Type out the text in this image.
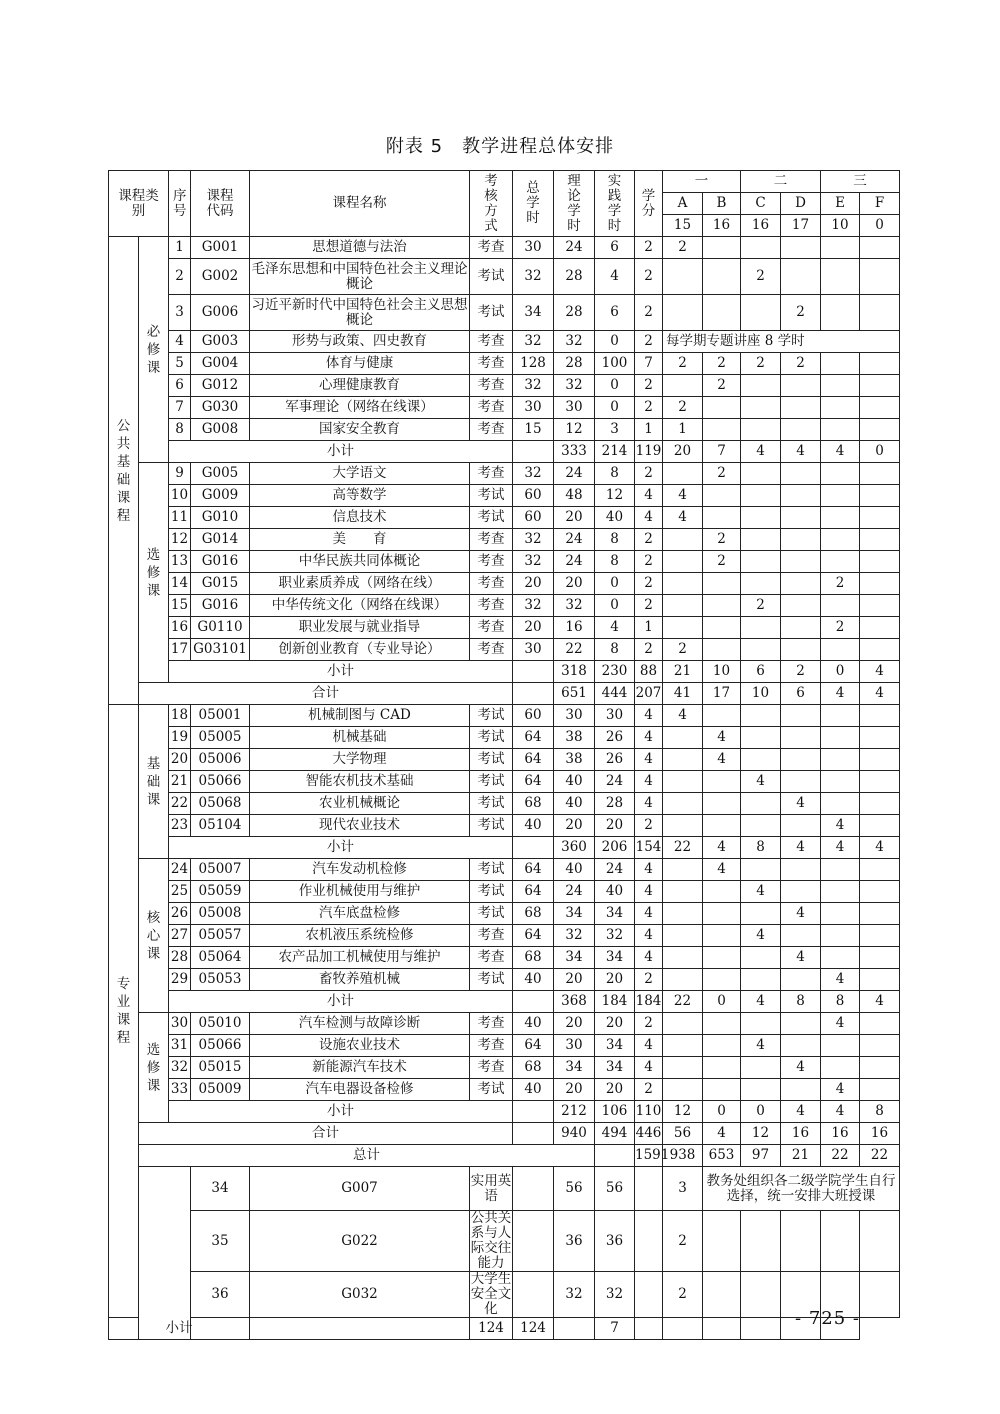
附表 5　教学进程总体安排
课程类别		序号	课程代码	课程名称	考核方式	总学时	理论学时	实践学时	学分	一		二		三		
										A	B	C	D	E	F	
										15	16	16	17	10	0	

公共基础课程	必修课	1	G001	思想道德与法治	考查	30	24	6	2	2						
		2	G002	毛泽东思想和中国特色社会主义理论概论	考试	32	28	4	2			2				
		3	G006	习近平新时代中国特色社会主义思想概论	考试	34	28	6	2				2			
		4	G003	形势与政策、四史教育	考查	32	32	0	2	每学期专题讲座 8 学时						
		5	G004	体育与健康	考查	128	28	100	7	2	2	2	2			
		6	G012	心理健康教育	考查	32	32	0	2		2					
		7	G030	军事理论（网络在线课）	考查	30	30	0	2	2						
		8	G008	国家安全教育	考查	15	12	3	1	1						
		小计					333	214	119	20	7	4	4	4	0	

	选修课	9	G005	大学语文	考查	32	24	8	2		2					
		10	G009	高等数学	考试	60	48	12	4	4						
		11	G010	信息技术	考试	60	20	40	4	4						
		12	G014	美　　育	考查	32	24	8	2		2					
		13	G016	中华民族共同体概论	考查	32	24	8	2		2					
		14	G015	职业素质养成（网络在线）	考查	20	20	0	2					2		
		15	G016	中华传统文化（网络在线课）	考查	32	32	0	2			2				
		16	G0110	职业发展与就业指导	考查	20	16	4	1					2		
		17	G03101	创新创业教育（专业导论）	考查	30	22	8	2	2						
		小计					318	230	88	21	10	6	2	0	4	
	合计						651	444	207	41	17	10	6	4	4	

专业课程	基础课	18	05001	机械制图与 CAD	考试	60	30	30	4	4						
		19	05005	机械基础	考试	64	38	26	4		4					
		20	05006	大学物理	考试	64	38	26	4		4					
		21	05066	智能农机技术基础	考试	64	40	24	4			4				
		22	05068	农业机械概论	考试	68	40	28	4				4			
		23	05104	现代农业技术	考试	40	20	20	2					4		
		小计					360	206	154	22	4	8	4	4	4	

	核心课	24	05007	汽车发动机检修	考试	64	40	24	4		4					
		25	05059	作业机械使用与维护	考试	64	24	40	4			4				
		26	05008	汽车底盘检修	考试	68	34	34	4				4			
		27	05057	农机液压系统检修	考查	64	32	32	4			4				
		28	05064	农产品加工机械使用与维护	考查	68	34	34	4				4			
		29	05053	畜牧养殖机械	考试	40	20	20	2					4		
		小计					368	184	184	22	0	4	8	8	4	

	选修课	30	05010	汽车检测与故障诊断	考查	40	20	20	2					4		
		31	05066	设施农业技术	考查	64	30	34	4			4				
		32	05015	新能源汽车技术	考查	68	34	34	4				4			
		33	05009	汽车电器设备检修	考试	40	20	20	2					4		
		小计					212	106	110	12	0	0	4	4	8	
	合计						940	494	446	56	4	12	16	16	16	
	总计								1591	938	653	97	21	22	22			
			34	G007	实用英语		56	56		3	教务处组织各二级学院学生自行选择，统一安排大班授课					
			35	G022	公共关系与人际交往能力		36	36		2						
			36	G032	大学生安全文化		32	32		2						
小计					124	124		7									- 725 -
